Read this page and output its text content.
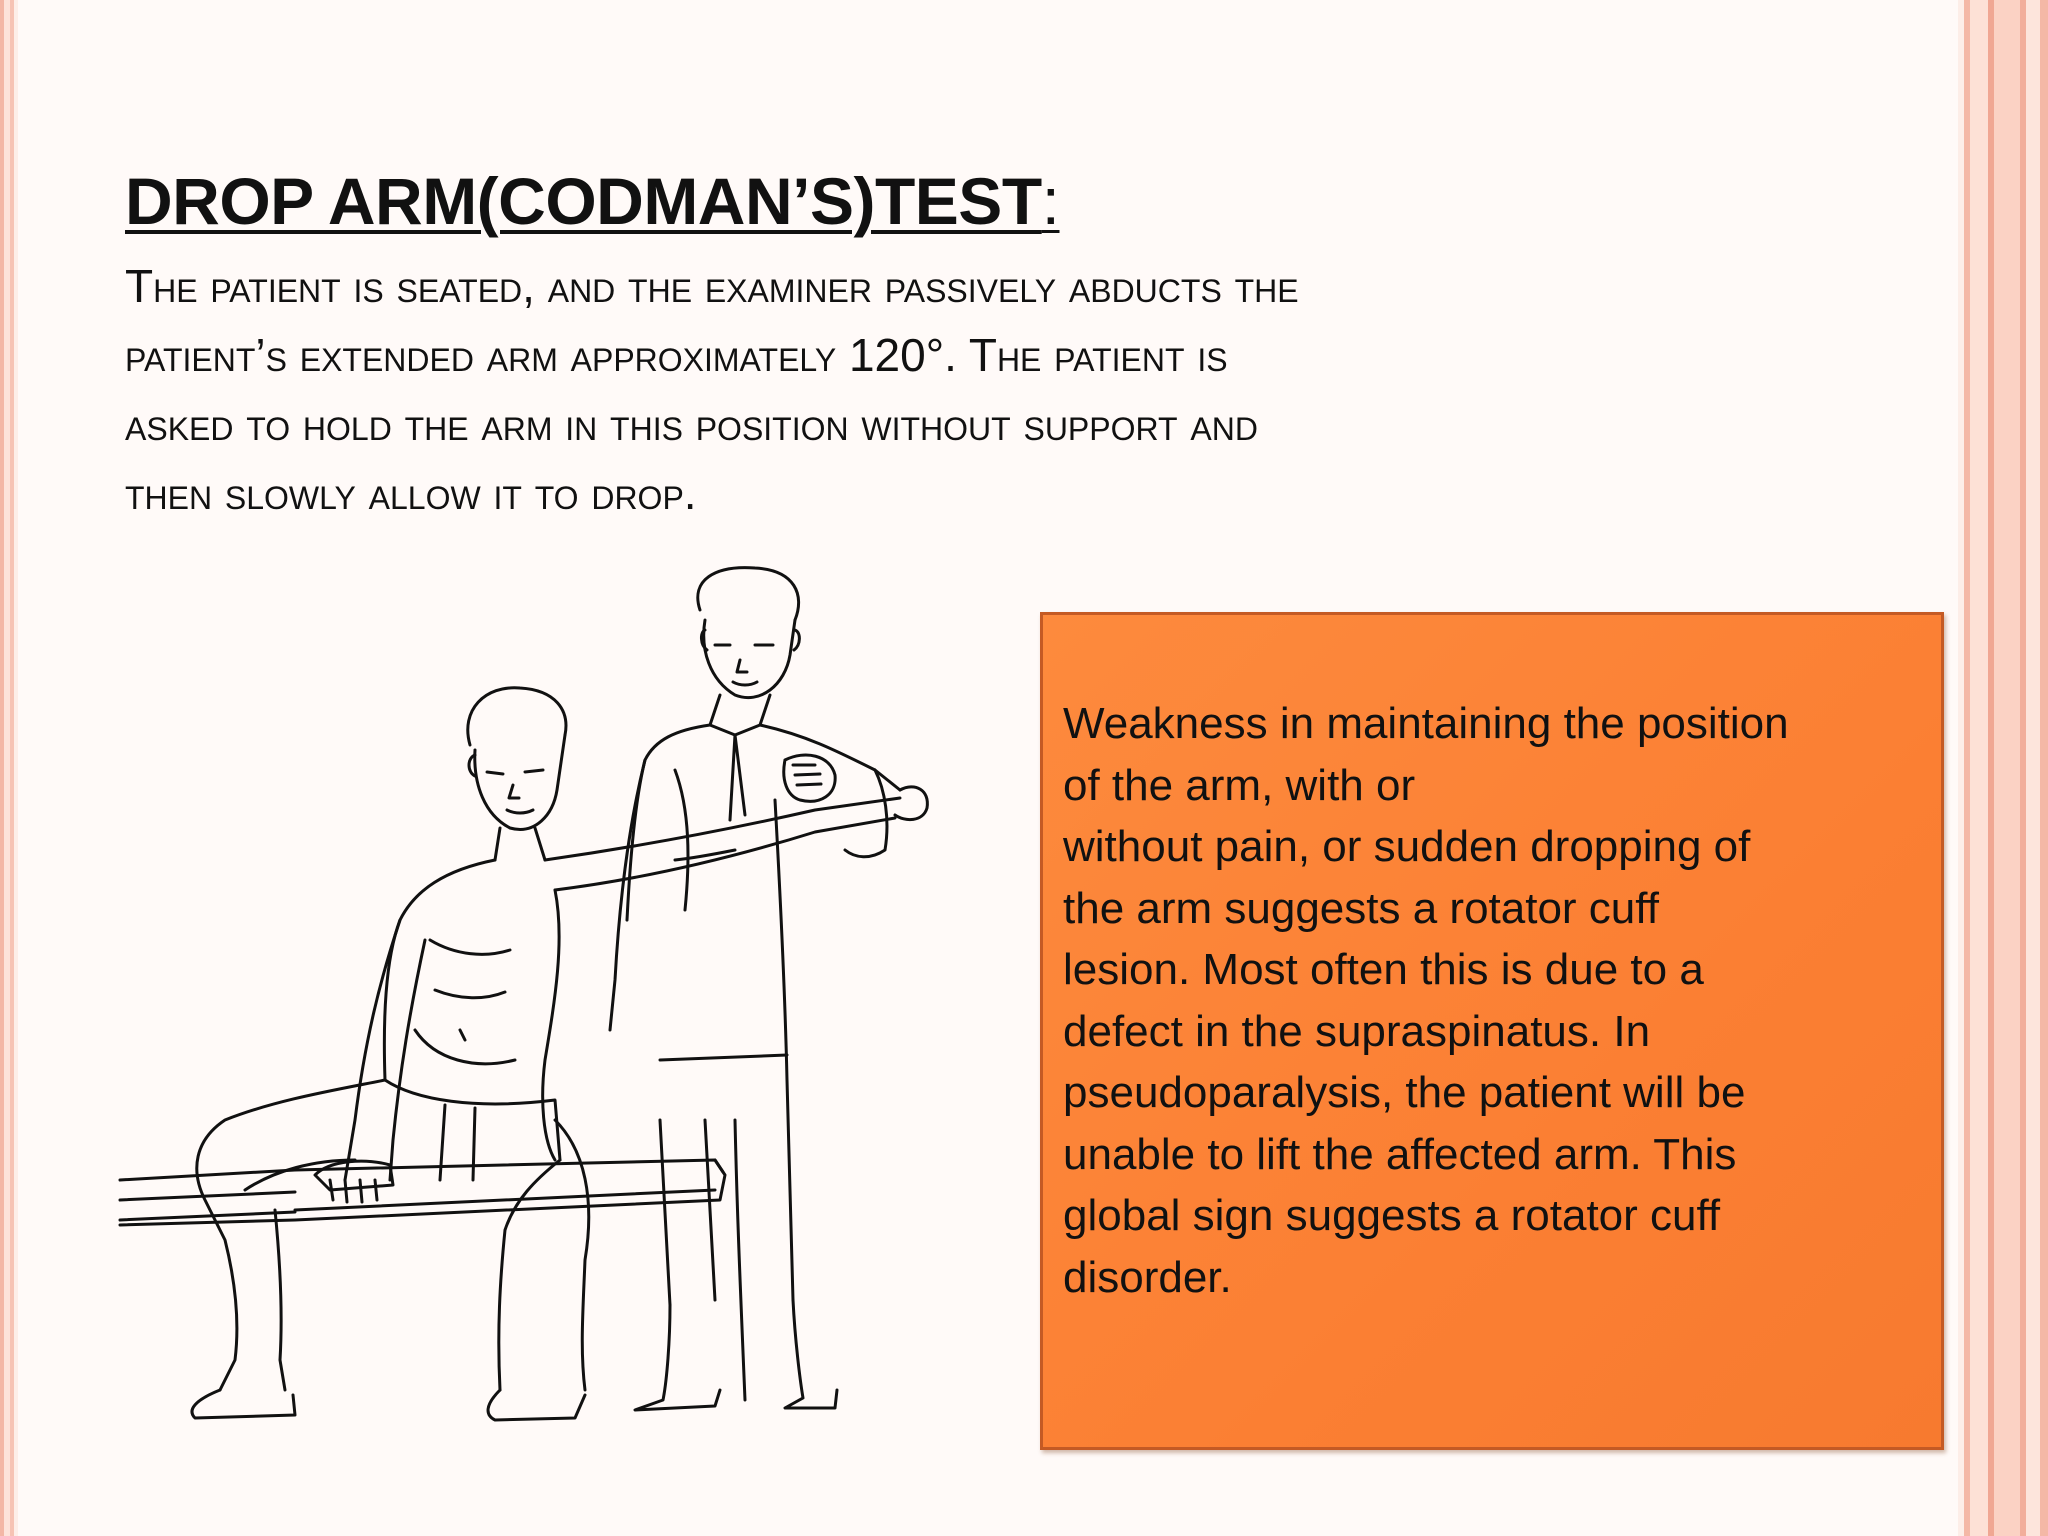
DROP ARM(CODMAN’S)TEST:

The patient is seated, and the examiner passively abducts the
patient’s extended arm approximately 120°. The patient is
asked to hold the arm in this position without support and
then slowly allow it to drop.

Weakness in maintaining the position
of the arm, with or
without pain, or sudden dropping of
the arm suggests a rotator cuff
lesion. Most often this is due to a
defect in the supraspinatus. In
pseudoparalysis, the patient will be
unable to lift the affected arm. This
global sign suggests a rotator cuff
disorder.
